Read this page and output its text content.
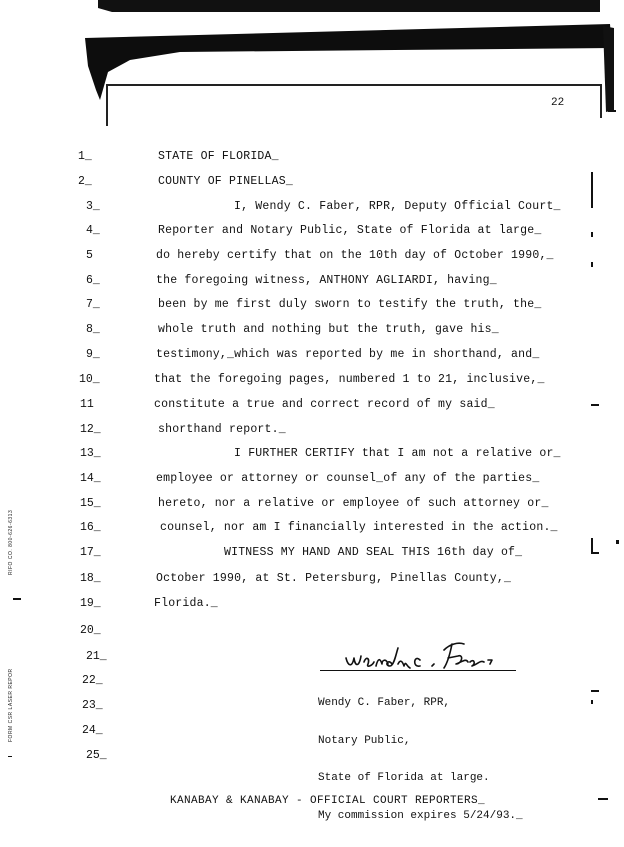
22
1_	STATE OF FLORIDA_
2_	COUNTY OF PINELLAS_
3_	I, Wendy C. Faber, RPR, Deputy Official Court_
4_	Reporter and Notary Public, State of Florida at large_
5	do hereby certify that on the 10th day of October 1990,_
6_	the foregoing witness, ANTHONY AGLIARDI, having_
7_	been by me first duly sworn to testify the truth, the_
8_	whole truth and nothing but the truth, gave his_
9_	testimony,_which was reported by me in shorthand, and_
10_	that the foregoing pages, numbered 1 to 21, inclusive,_
11	constitute a true and correct record of my said_
12_	shorthand report._
13_	I FURTHER CERTIFY that I am not a relative or_
14_	employee or attorney or counsel_of any of the parties_
15_	hereto, nor a relative or employee of such attorney or_
16_	counsel, nor am I financially interested in the action._
17_	WITNESS MY HAND AND SEAL THIS 16th day of_
18_	October 1990, at St. Petersburg, Pinellas County,_
19_	Florida._
20_
21_
22_
23_
24_
25_

Wendy C. Faber, RPR,

Notary Public,

State of Florida at large.

My commission expires 5/24/93._

KANABAY & KANABAY - OFFICIAL COURT REPORTERS_
FORM CSR LASER REPOR
RIFO CO. 800-626-6313
